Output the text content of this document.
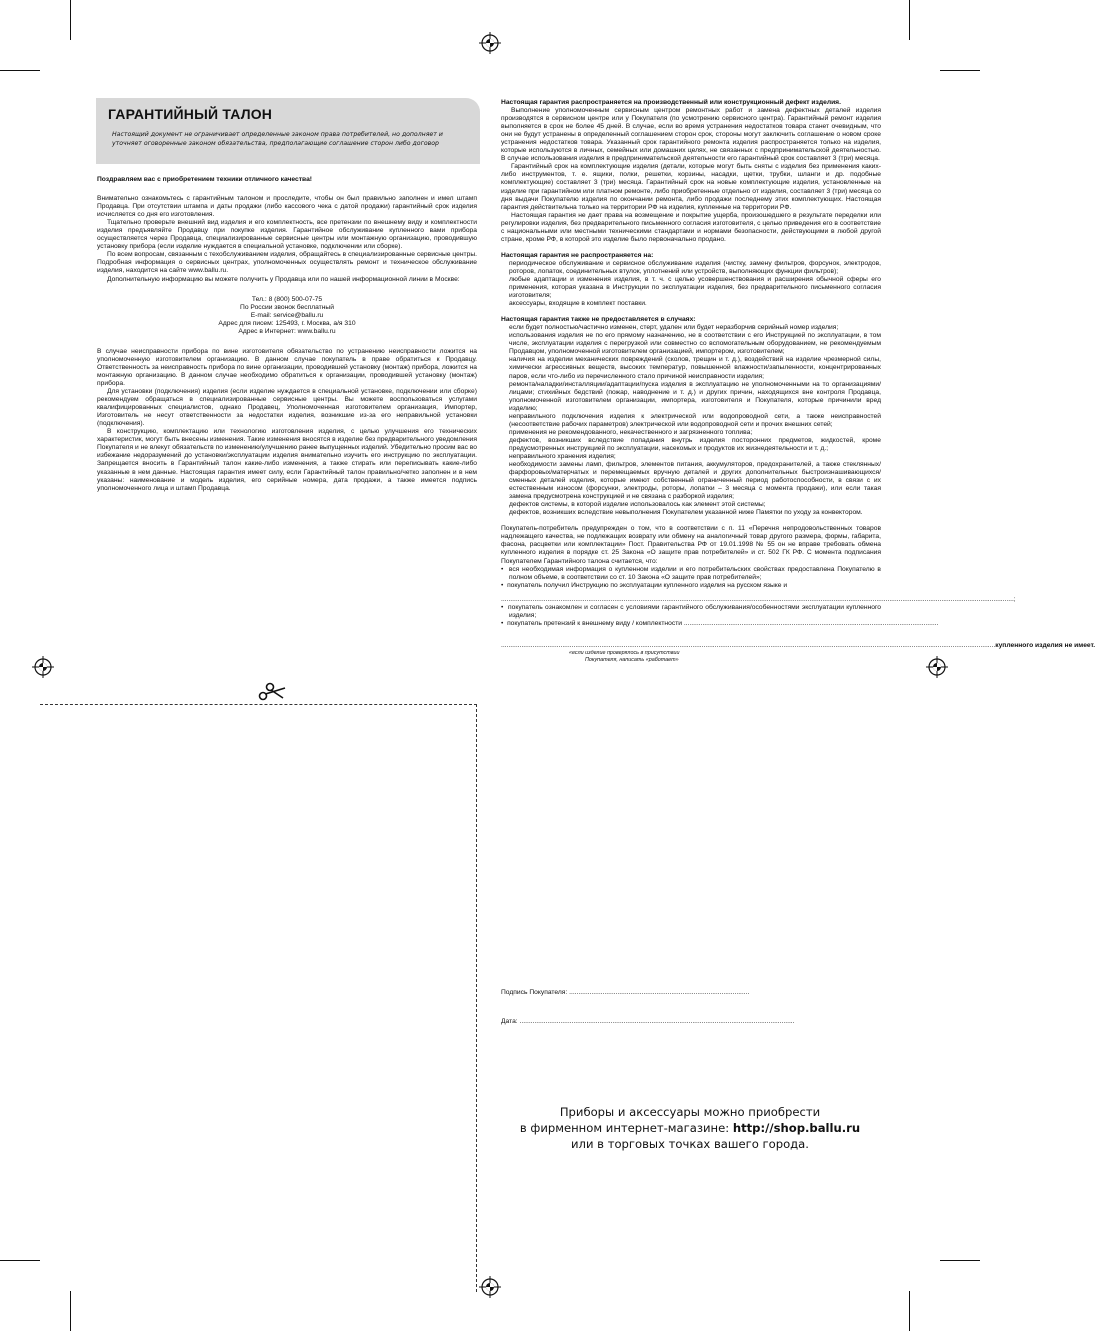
ГАРАНТИЙНЫЙ ТАЛОН
Настоящий документ не ограничивает определенные законом права потребителей, но дополняет и уточняет оговоренные законом обязательства, предполагающие соглашение сторон либо договор

Поздравляем вас с приобретением техники отличного качества!

Внимательно ознакомьтесь с гарантийным талоном и проследите, чтобы он был правильно заполнен и имел штамп Продавца. При отсутствии штампа и даты продажи (либо кассового чека с датой продажи) гарантийный срок изделия исчисляется со дня его изготовления.

Тщательно проверьте внешний вид изделия и его комплектность, все претензии по внешнему виду и комплектности изделия предъявляйте Продавцу при покупке изделия. Гарантийное обслуживание купленного вами прибора осуществляется через Продавца, специализированные сервисные центры или монтажную организацию, проводившую установку прибора (если изделие нуждается в специальной установке, подключении или сборке).

По всем вопросам, связанным с техобслуживанием изделия, обращайтесь в специализированные сервисные центры. Подробная информация о сервисных центрах, уполномоченных осуществлять ремонт и техническое обслуживание изделия, находится на сайте www.ballu.ru.

Дополнительную информацию вы можете получить у Продавца или по нашей информационной линии в Москве:

Тел.: 8 (800) 500-07-75

По России звонок бесплатный

E-mail: service@ballu.ru

Адрес для писем: 125493, г. Москва, а/я 310

Адрес в Интернет: www.ballu.ru

В случае неисправности прибора по вине изготовителя обязательство по устранению неисправности ложится на уполномоченную изготовителем организацию. В данном случае покупатель в праве обратиться к Продавцу. Ответственность за неисправность прибора по вине организации, проводившей установку (монтаж) прибора, ложится на монтажную организацию. В данном случае необходимо обратиться к организации, проводившей установку (монтаж) прибора.

Для установки (подключения) изделия (если изделие нуждается в специальной установке, подключении или сборке) рекомендуем обращаться в специализированные сервисные центры. Вы можете воспользоваться услугами квалифицированных специалистов, однако Продавец, Уполномоченная изготовителем организация, Импортер, Изготовитель не несут ответственности за недостатки изделия, возникшие из-за его неправильной установки (подключения).

В конструкцию, комплектацию или технологию изготовления изделия, с целью улучшения его технических характеристик, могут быть внесены изменения. Такие изменения вносятся в изделие без предварительного уведомления Покупателя и не влекут обязательств по изменению/улучшению ранее выпущенных изделий. Убедительно просим вас во избежание недоразумений до установки/эксплуатации изделия внимательно изучить его инструкцию по эксплуатации. Запрещается вносить в Гарантийный талон какие-либо изменения, а также стирать или переписывать какие-либо указанные в нем данные. Настоящая гарантия имеет силу, если Гарантийный талон правильно/четко заполнен и в нем указаны: наименование и модель изделия, его серийные номера, дата продажи, а также имеется подпись уполномоченного лица и штамп Продавца.

Настоящая гарантия распространяется на производственный или конструкционный дефект изделия.

Выполнение уполномоченным сервисным центром ремонтных работ и замена дефектных деталей изделия производятся в сервисном центре или у Покупателя (по усмотрению сервисного центра). Гарантийный ремонт изделия выполняется в срок не более 45 дней. В случае, если во время устранения недостатков товара станет очевидным, что они не будут устранены в определенный соглашением сторон срок, стороны могут заключить соглашение о новом сроке устранения недостатков товара. Указанный срок гарантийного ремонта изделия распространяется только на изделия, которые используются в личных, семейных или домашних целях, не связанных с предпринимательской деятельностью. В случае использования изделия в предпринимательской деятельности его гарантийный срок составляет 3 (три) месяца.

Гарантийный срок на комплектующие изделия (детали, которые могут быть сняты с изделия без применения каких-либо инструментов, т. е. ящики, полки, решетки, корзины, насадки, щетки, трубки, шланги и др. подобные комплектующие) составляет 3 (три) месяца. Гарантийный срок на новые комплектующие изделия, установленные на изделие при гарантийном или платном ремонте, либо приобретенные отдельно от изделия, составляет 3 (три) месяца со дня выдачи Покупателю изделия по окончании ремонта, либо продажи последнему этих комплектующих. Настоящая гарантия действительна только на территории РФ на изделия, купленные на территории РФ.

Настоящая гарантия не дает права на возмещение и покрытие ущерба, произошедшего в результате переделки или регулировки изделия, без предварительного письменного согласия изготовителя, с целью приведения его в соответствие с национальными или местными техническими стандартами и нормами безопасности, действующими в любой другой стране, кроме РФ, в которой это изделие было первоначально продано.

Настоящая гарантия не распространяется на:

периодическое обслуживание и сервисное обслуживание изделия (чистку, замену фильтров, форсунок, электродов, роторов, лопаток, соединительных втулок, уплотнений или устройств, выполняющих функции фильтров);

любые адаптации и изменения изделия, в т. ч. с целью усовершенствования и расширения обычной сферы его применения, которая указана в Инструкции по эксплуатации изделия, без предварительного письменного согласия изготовителя;

аксессуары, входящие в комплект поставки.

Настоящая гарантия также не предоставляется в случаях:

если будет полностью/частично изменен, стерт, удален или будет неразборчив серийный номер изделия;

использования изделия не по его прямому назначению, не в соответствии с его Инструкцией по эксплуатации, в том числе, эксплуатации изделия с перегрузкой или совместно со вспомогательным оборудованием, не рекомендуемым Продавцом, уполномоченной изготовителем организацией, импортером, изготовителем;

наличия на изделии механических повреждений (сколов, трещин и т. д.), воздействий на изделие чрезмерной силы, химически агрессивных веществ, высоких температур, повышенной влажности/запыленности, концентрированных паров, если что-либо из перечисленного стало причиной неисправности изделия;

ремонта/наладки/инсталляции/адаптации/пуска изделия в эксплуатацию не уполномоченными на то организациями/лицами; стихийных бедствий (пожар, наводнение и т. д.) и других причин, находящихся вне контроля Продавца, уполномоченной изготовителем организации, импортера, изготовителя и Покупателя, которые причинили вред изделию;

неправильного подключения изделия к электрической или водопроводной сети, а также неисправностей (несоответствие рабочих параметров) электрической или водопроводной сети и прочих внешних сетей;

применения не рекомендованного, некачественного и загрязненного топлива;

дефектов, возникших вследствие попадания внутрь изделия посторонних предметов, жидкостей, кроме предусмотренных инструкцией по эксплуатации, насекомых и продуктов их жизнедеятельности и т. д.;

неправильного хранения изделия;

необходимости замены ламп, фильтров, элементов питания, аккумуляторов, предохранителей, а также стеклянных/фарфоровых/матерчатых и перемещаемых вручную деталей и других дополнительных быстроизнашивающихся/сменных деталей изделия, которые имеют собственный ограниченный период работоспособности, в связи с их естественным износом (форсунки, электроды, роторы, лопатки – 3 месяца с момента продажи), или если такая замена предусмотрена конструкцией и не связана с разборкой изделия;

дефектов системы, в которой изделие использовалось как элемент этой системы;

дефектов, возникших вследствие невыполнения Покупателем указанной ниже Памятки по уходу за конвектором.

Покупатель-потребитель предупрежден о том, что в соответствии с п. 11 «Перечня непродовольственных товаров надлежащего качества, не подлежащих возврату или обмену на аналогичный товар другого размера, формы, габарита, фасона, расцветки или комплектации» Пост. Правительства РФ от 19.01.1998 № 55 он не вправе требовать обмена купленного изделия в порядке ст. 25 Закона «О защите прав потребителей» и ст. 502 ГК РФ. С момента подписания Покупателем Гарантийного талона считается, что:

•  вся необходимая информация о купленном изделии и его потребительских свойствах предоставлена Покупателю в полном объеме, в соответствии со ст. 10 Закона «О защите прав потребителей»;

•  покупатель получил Инструкцию по эксплуатации купленного изделия на русском языке и

....................................................................................................................................................................................................................................................................................;

•  покупатель ознакомлен и согласен с условиями гарантийного обслуживания/особенностями эксплуатации купленного изделия;

•  покупатель претензий к внешнему виду / комплектности .........................................................................................................................................

.......................................................................................................................................................................................................................................................................... купленного изделия не имеет.

«если изделие проверялось в присутствии

Покупателя, написать «работает»

Подпись Покупателя: .................................................................................................
Дата: ....................................................................................................................................................
Приборы и аксессуары можно приобрести
в фирменном интернет-магазине: http://shop.ballu.ru
или в торговых точках вашего города.
